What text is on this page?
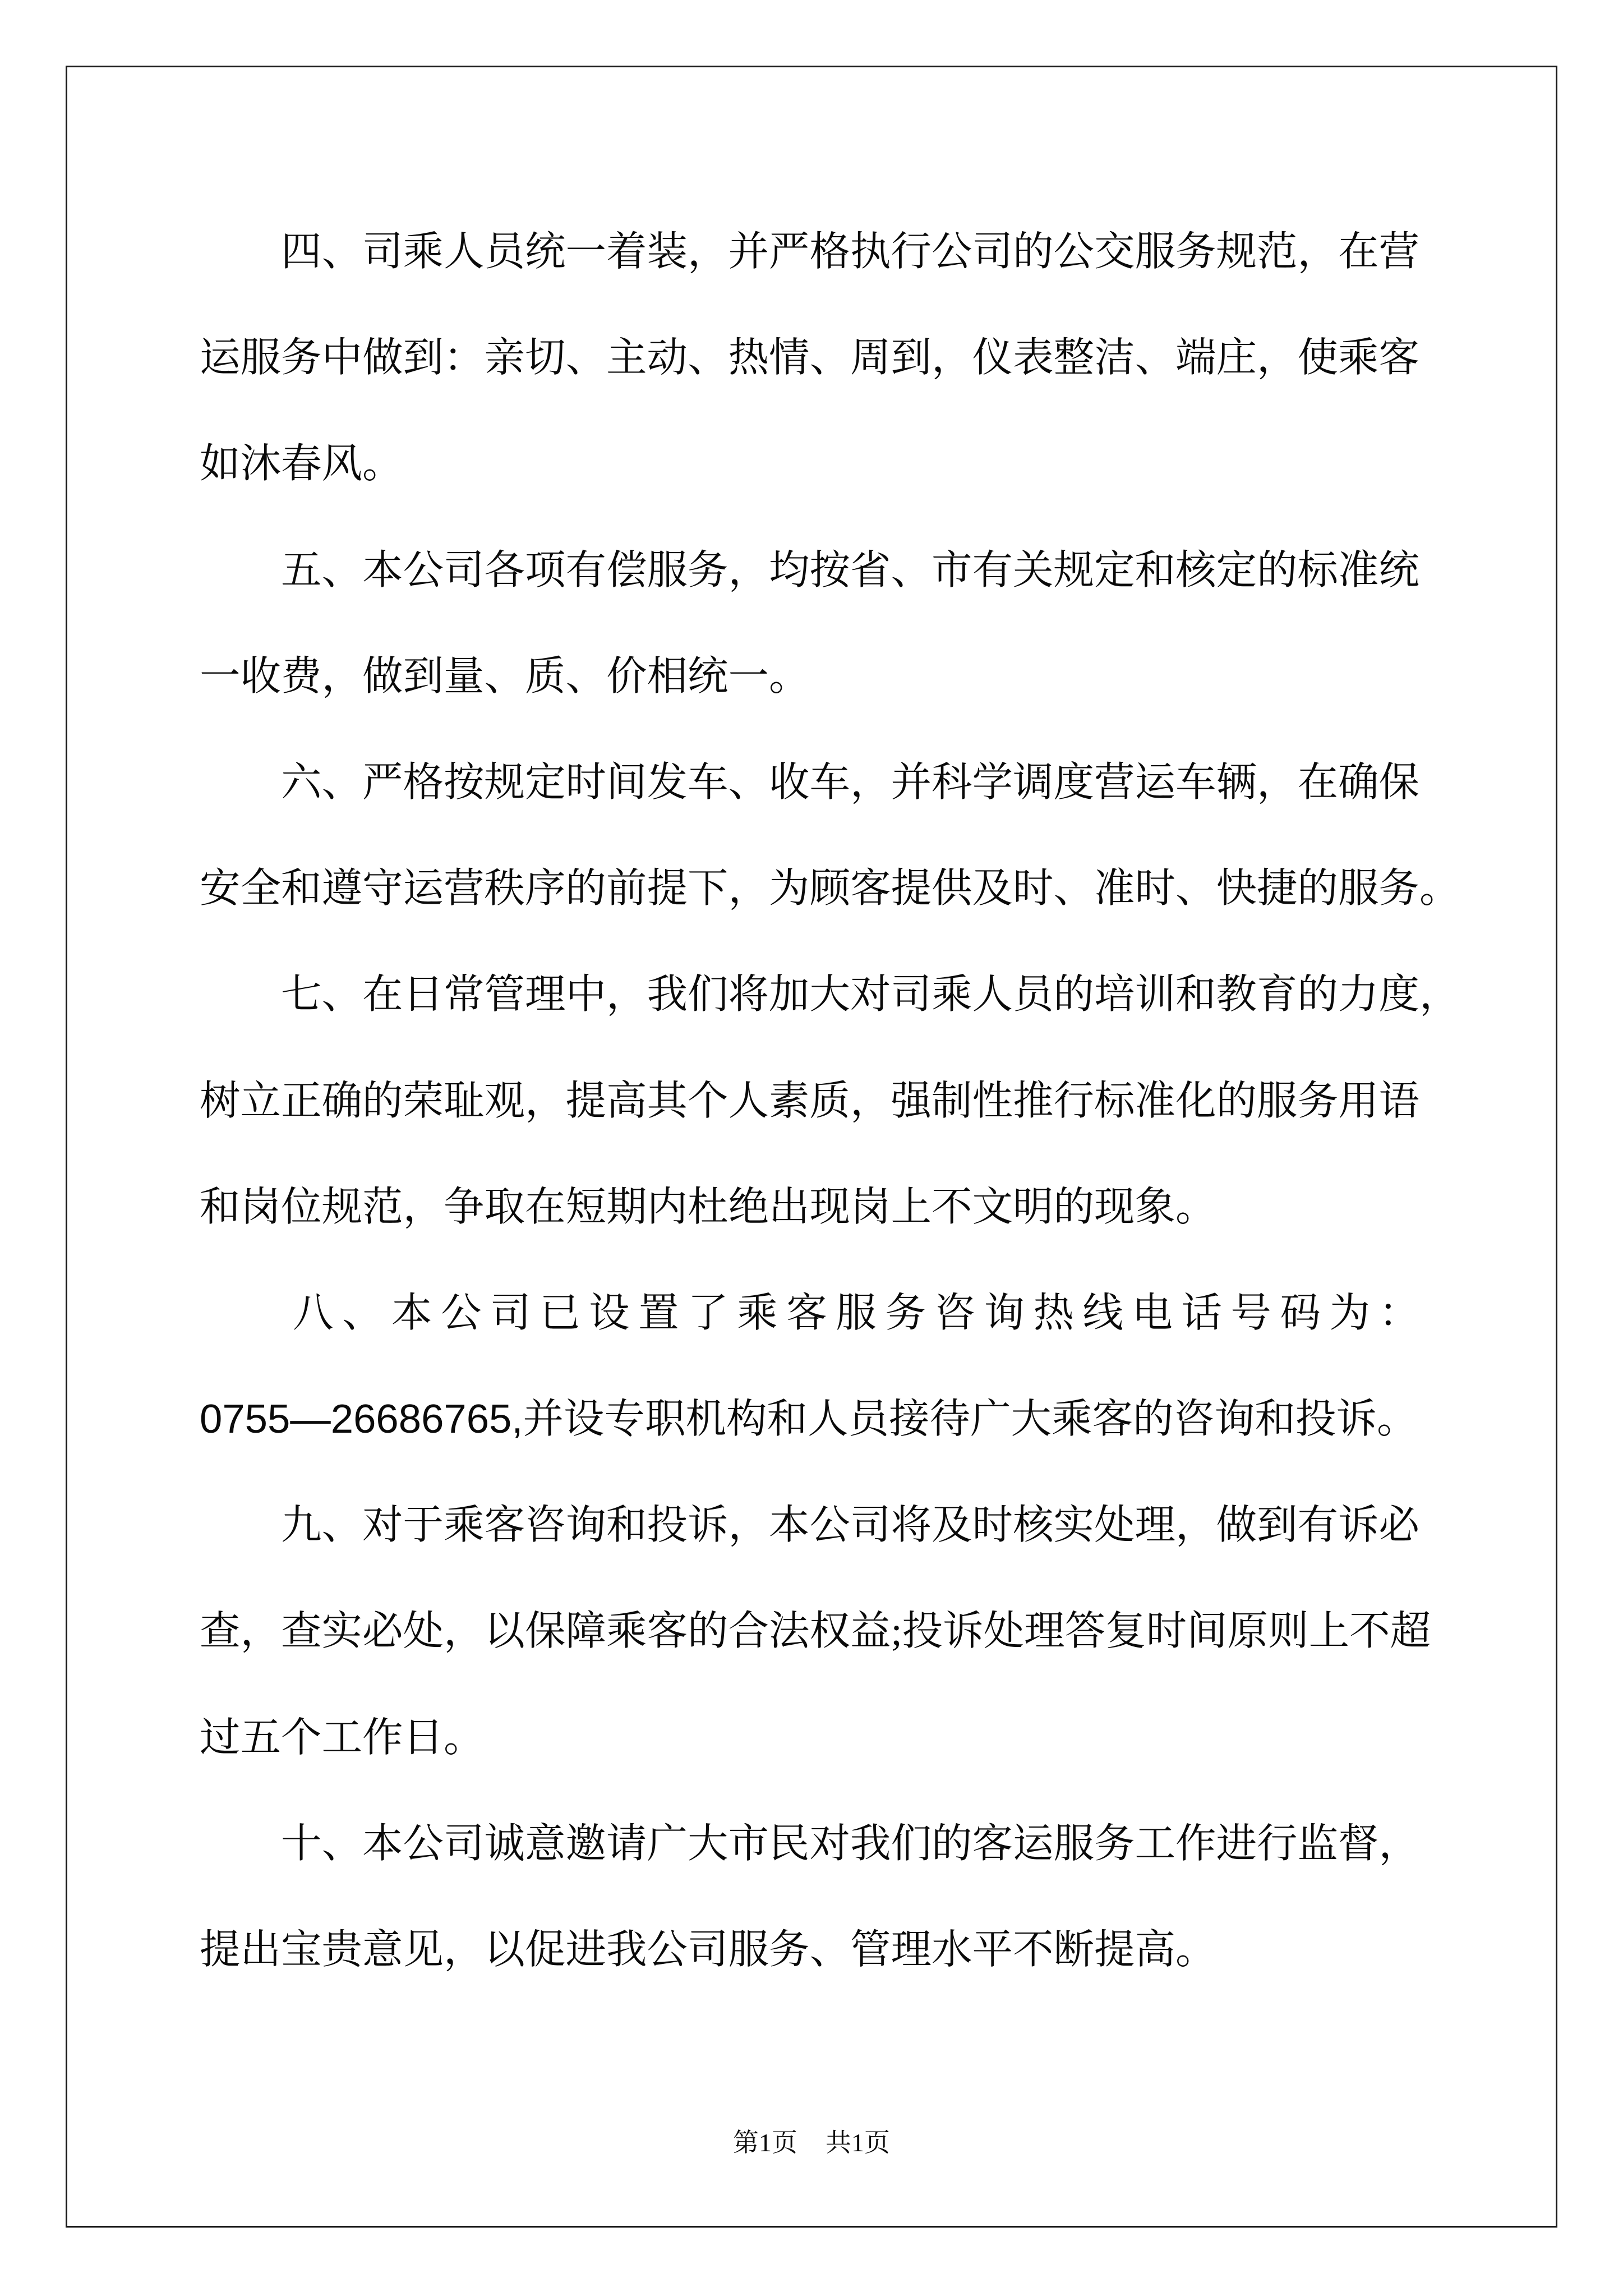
四、司乘人员统一着装，并严格执行公司的公交服务规范，在营
运服务中做到：亲切、主动、热情、周到，仪表整洁、端庄，使乘客
如沐春风。
五、本公司各项有偿服务，均按省、市有关规定和核定的标准统
一收费，做到量、质、价相统一。
六、严格按规定时间发车、收车，并科学调度营运车辆，在确保
安全和遵守运营秩序的前提下，为顾客提供及时、准时、快捷的服务。
七、在日常管理中，我们将加大对司乘人员的培训和教育的力度，
树立正确的荣耻观，提高其个人素质，强制性推行标准化的服务用语
和岗位规范，争取在短期内杜绝出现岗上不文明的现象。
八、本公司已设置了乘客服务咨询热线电话号码为：
0755—26686765,并设专职机构和人员接待广大乘客的咨询和投诉。
九、对于乘客咨询和投诉，本公司将及时核实处理，做到有诉必
查，查实必处，以保障乘客的合法权益;投诉处理答复时间原则上不超
过五个工作日。
十、本公司诚意邀请广大市民对我们的客运服务工作进行监督，
提出宝贵意见，以促进我公司服务、管理水平不断提高。
第1页 共1页
